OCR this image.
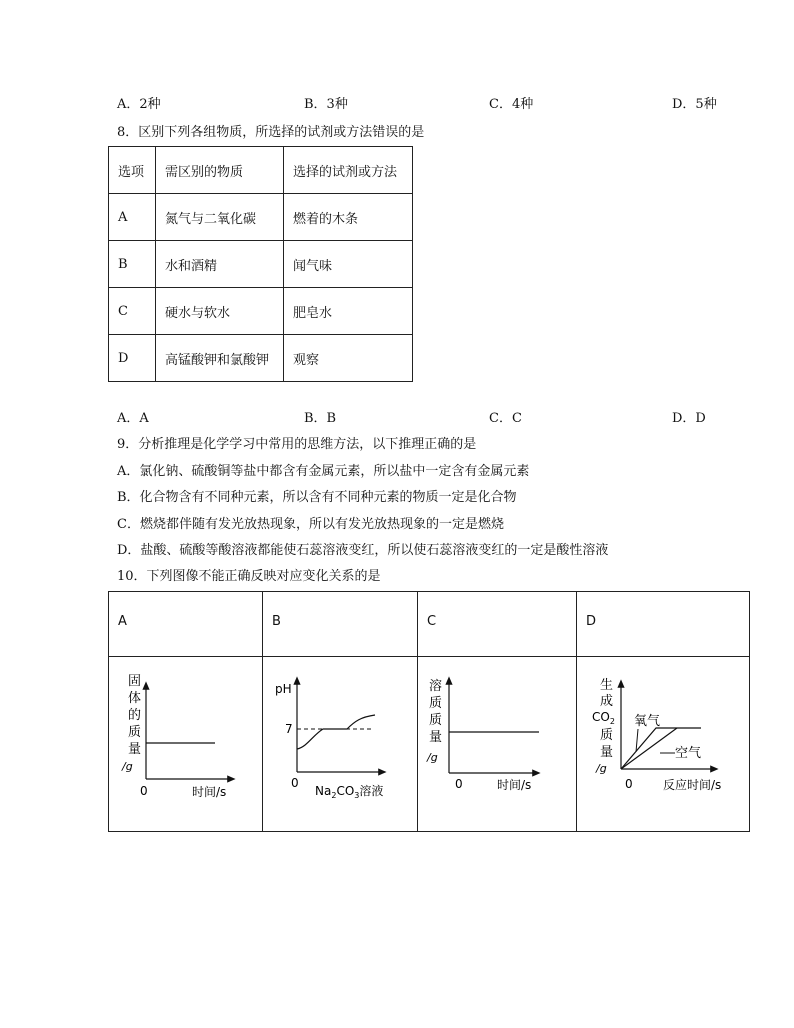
A．2种	B．3种	C．4种	D．5种
8．区别下列各组物质，所选择的试剂或方法错误的是
选项	需区别的物质	选择的试剂或方法
A	氮气与二氧化碳	燃着的木条
B	水和酒精	闻气味
C	硬水与软水	肥皂水
D	高锰酸钾和氯酸钾	观察
A．A	B．B	C．C	D．D
9．分析推理是化学学习中常用的思维方法，以下推理正确的是
A．氯化钠、硫酸铜等盐中都含有金属元素，所以盐中一定含有金属元素
B．化合物含有不同种元素，所以含有不同种元素的物质一定是化合物
C．燃烧都伴随有发光放热现象，所以有发光放热现象的一定是燃烧
D．盐酸、硫酸等酸溶液都能使石蕊溶液变红，所以使石蕊溶液变红的一定是酸性溶液
10．下列图像不能正确反映对应变化关系的是
A	B	C	D
固
体
的
质
量
/g
0	时间/s
pH
7
0
$Na_2CO_3$溶液
溶
质
质
量
/g
0	时间/s
氧气
空气
生
成
$CO_2$
质
量
/g
0	反应时间/s
